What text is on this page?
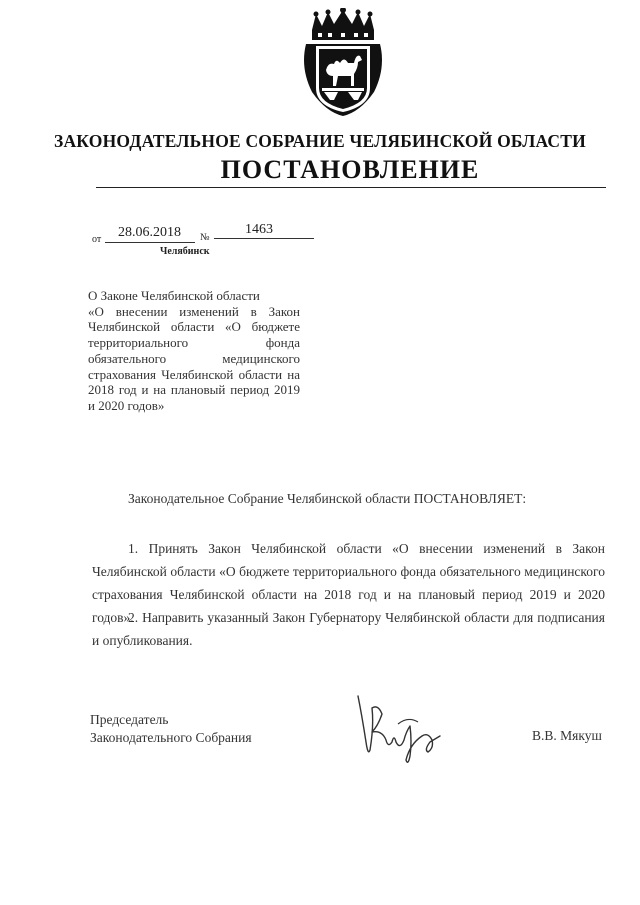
ЗАКОНОДАТЕЛЬНОЕ СОБРАНИЕ ЧЕЛЯБИНСКОЙ ОБЛАСТИ
ПОСТАНОВЛЕНИЕ
от 28.06.2018 №
1463
Челябинск
О Законе Челябинской области
«О внесении изменений в Закон Челябинской области «О бюджете территориального фонда обязательного медицинского страхования Челябинской области на 2018 год и на плановый период 2019 и 2020 годов»
Законодательное Собрание Челябинской области ПОСТАНОВЛЯЕТ:
1. Принять Закон Челябинской области «О внесении изменений в Закон Челябинской области «О бюджете территориального фонда обязательного медицинского страхования Челябинской области на 2018 год и на плановый период 2019 и 2020 годов».
2. Направить указанный Закон Губернатору Челябинской области для подписания и опубликования.
Председатель
Законодательного Собрания	В.В. Мякуш
